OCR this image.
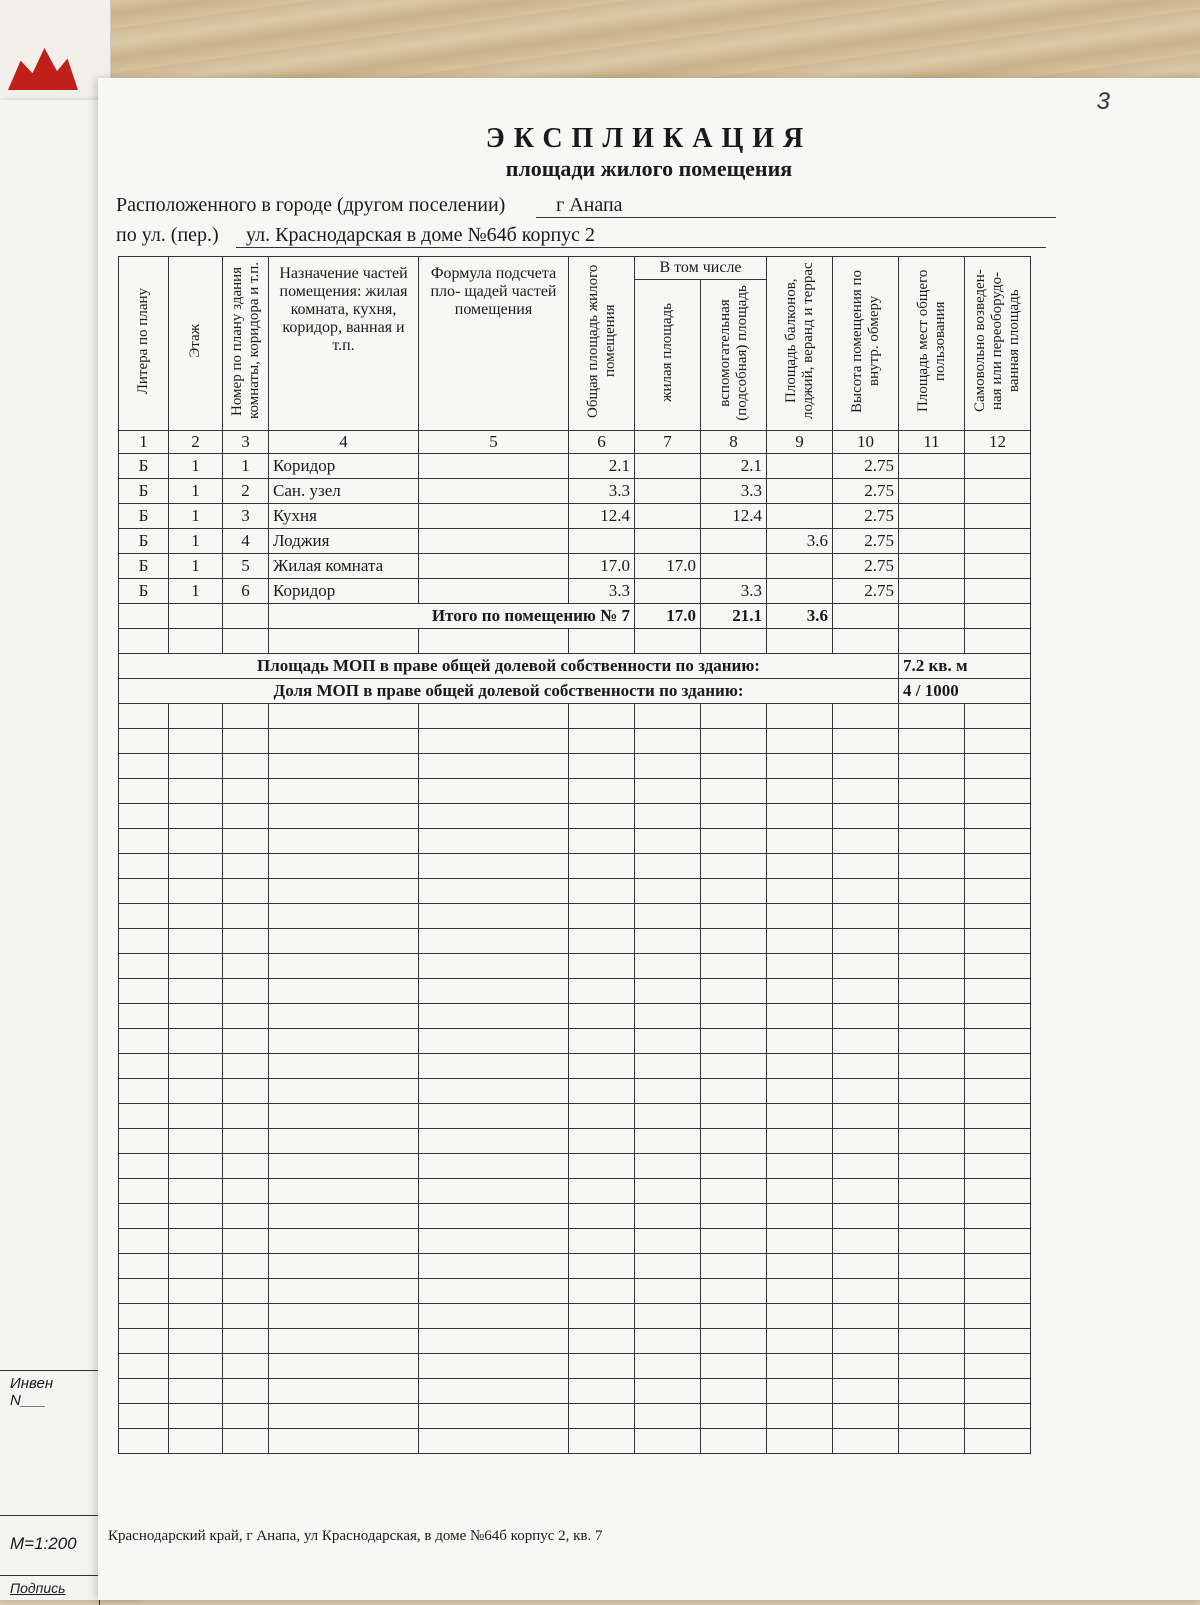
Инвен
N___
М=1:200
Подпись
3
ЭКСПЛИКАЦИЯ
площади жилого помещения
Расположенного в городе (другом поселении)	г Анапа
по ул. (пер.)	ул. Краснодарская в доме №64б корпус 2
Литера по плану	Этаж	Номер по плану здания комнаты, коридора и т.п.	Назначение частей помещения: жилая комната, кухня, коридор, ванная и т.п.	Формула подсчета пло- щадей частей помещения	Общая площадь жилого помещения	В том числе		Площадь балконов, лоджий, веранд и террас	Высота помещения по внутр. обмеру	Площадь мест общего пользования	Самовольно возведен- ная или переоборудо- ванная площадь
						жилая площадь	вспомогательная (подсобная) площадь				
1	2	3	4	5	6	7	8	9	10	11	12
Б	1	1	Коридор		2.1		2.1		2.75		
Б	1	2	Сан. узел		3.3		3.3		2.75		
Б	1	3	Кухня		12.4		12.4		2.75		
Б	1	4	Лоджия					3.6	2.75		
Б	1	5	Жилая комната		17.0	17.0			2.75		
Б	1	6	Коридор		3.3		3.3		2.75		
			Итого по помещению № 7			17.0	21.1	3.6			

Площадь МОП в праве общей долевой собственности по зданию:										7.2 кв. м	
Доля МОП в праве общей долевой собственности по зданию:										4 / 1000	

Краснодарский край, г Анапа, ул Краснодарская, в доме №64б корпус 2, кв. 7
